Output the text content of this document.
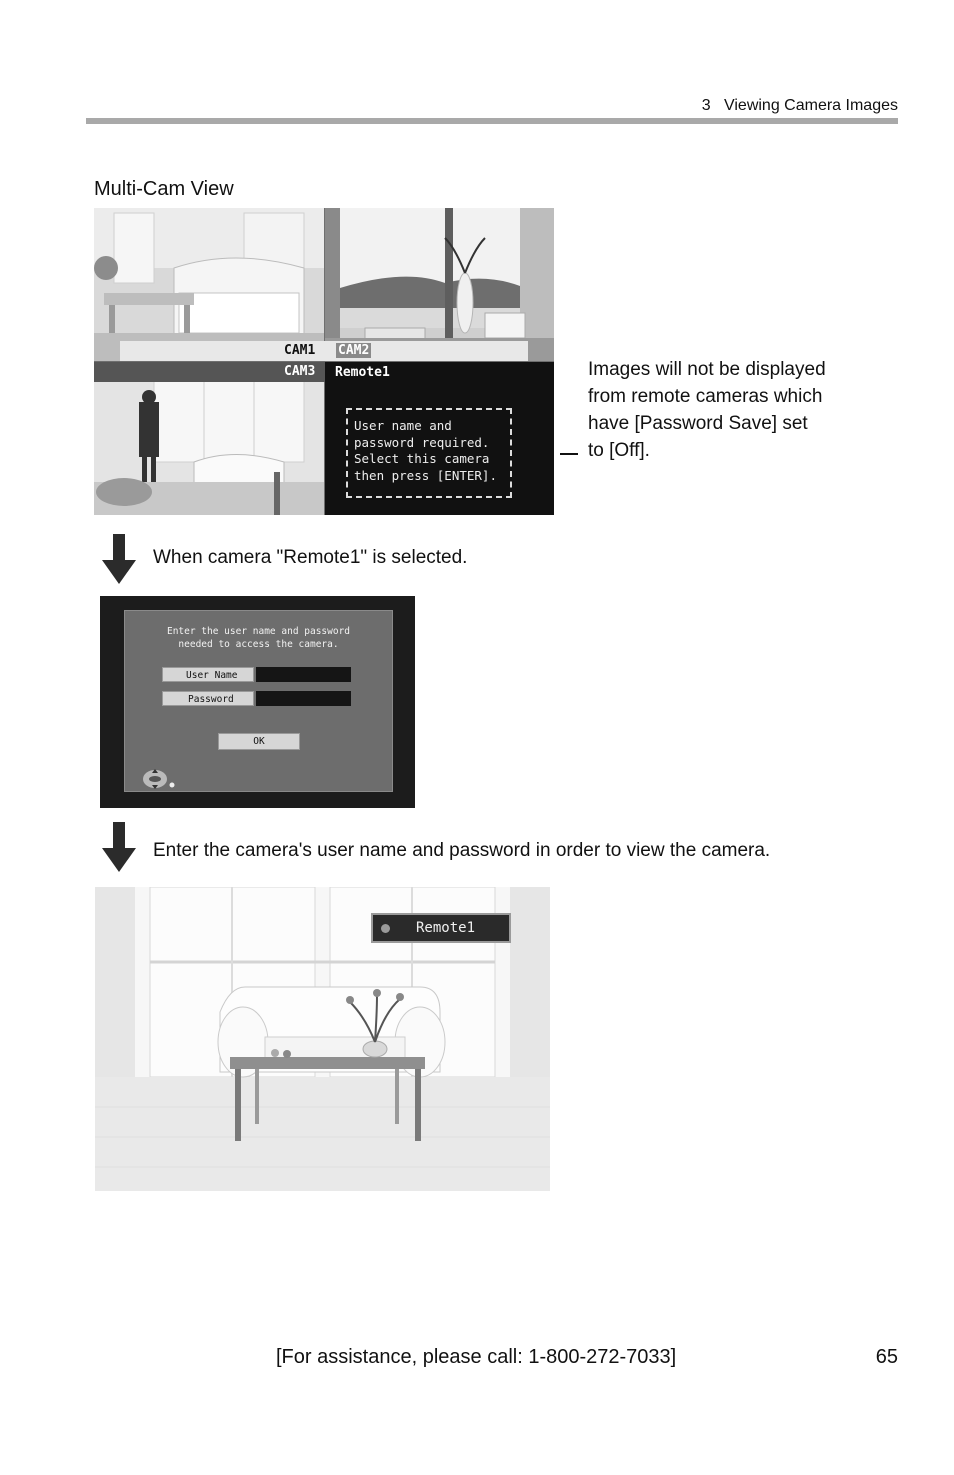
3   Viewing Camera Images
Multi-Cam View
CAM1 CAM2
CAM3 Remote1
User name and
password required.
Select this camera
then press [ENTER].
Images will not be displayed from remote cameras which have [Password Save] set to [Off].
When camera "Remote1" is selected.
Enter the user name and password
needed to access the camera.
User Name
Password
OK
Enter the camera's user name and password in order to view the camera.
Remote1
[For assistance, please call: 1-800-272-7033]	65
